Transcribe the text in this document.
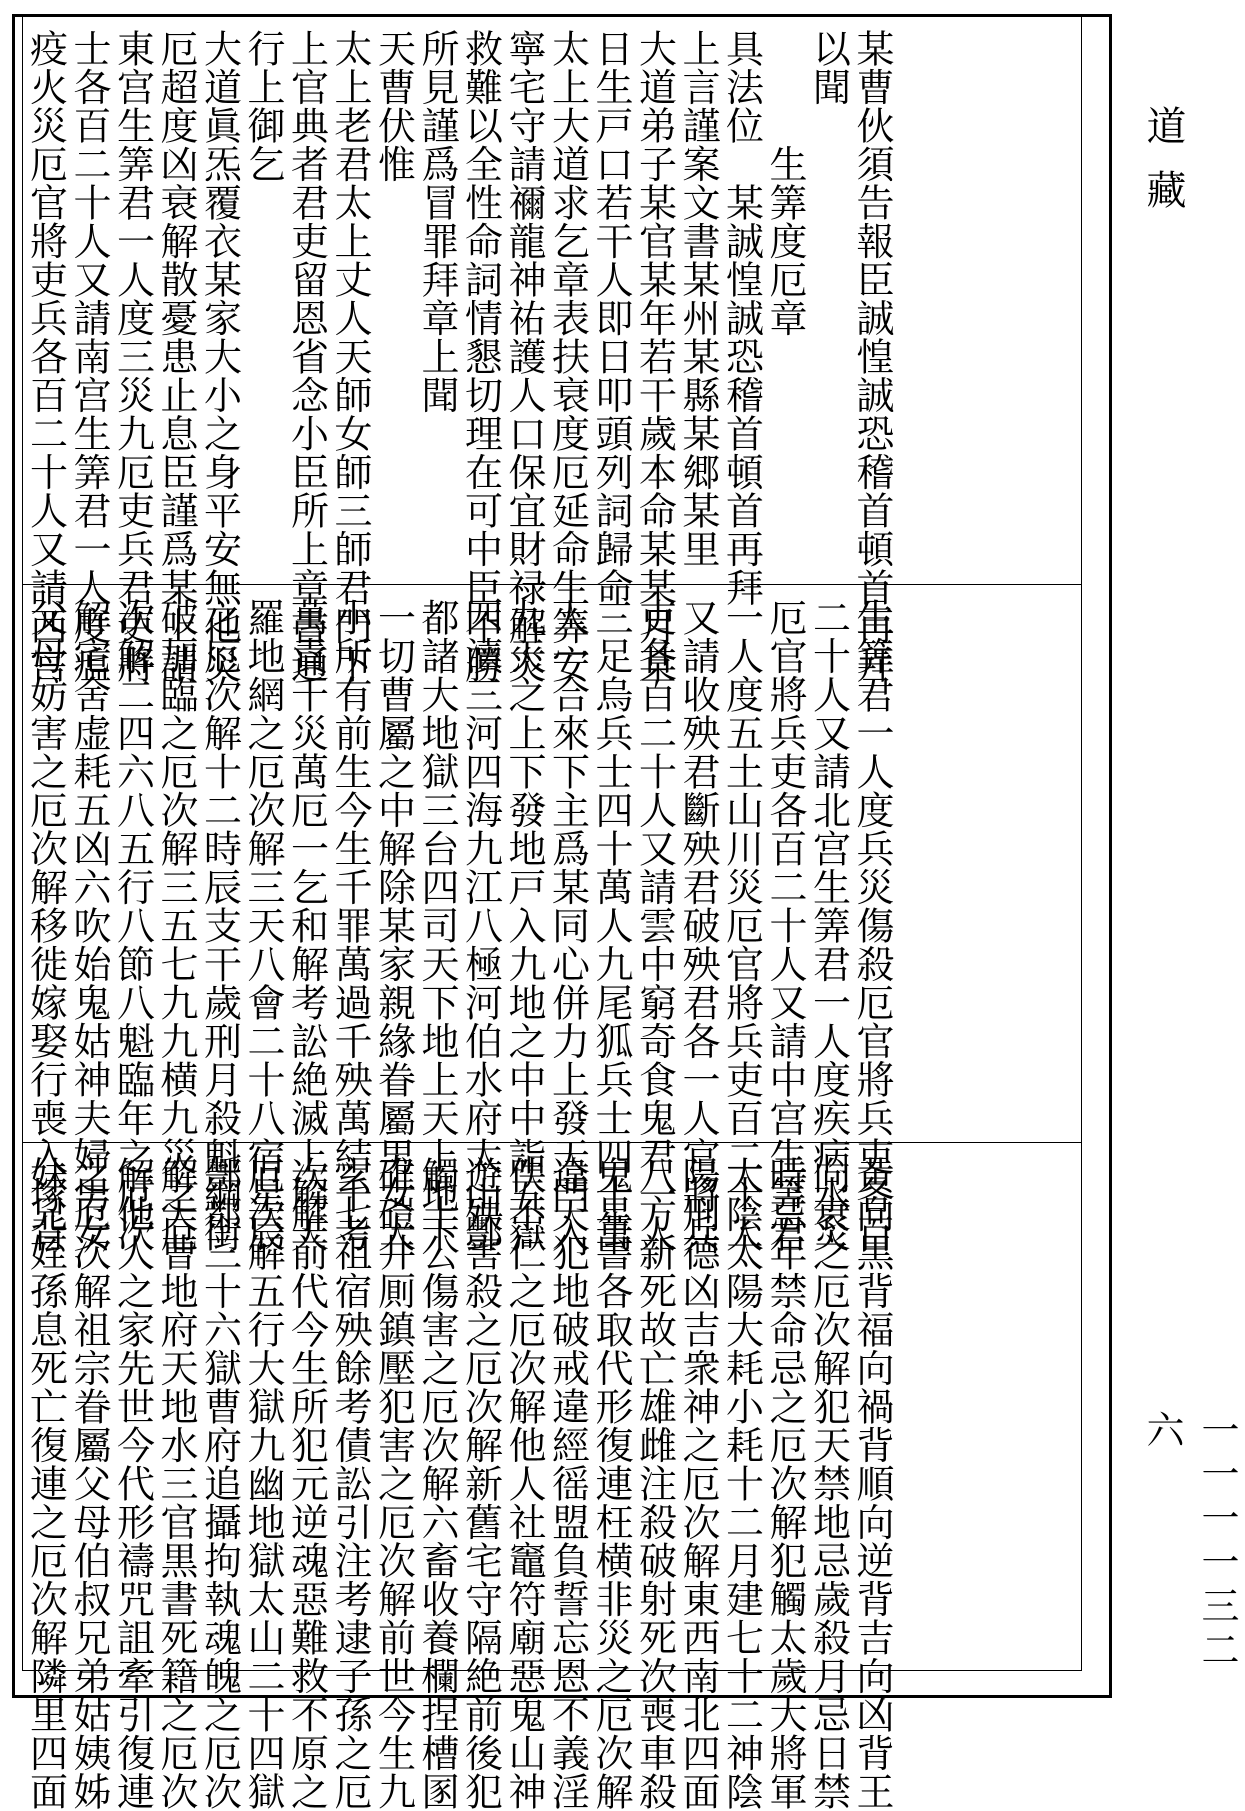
某曹伙須告報臣誠惶誠恐稽首頓首再拜
以聞
　　　生筭度厄章
具法位　某誠惶誠恐稽首頓首再拜
上言謹案文書某州某縣某郷某里
大道弟子某官某年若干歲本命某某月某
日生戸口若干人即日叩頭列詞歸命
太上大道求乞章表扶衰度厄延命生筭安
寧宅守請禰龍神祐護人口保宜財禄解災
救難以全性命詞情懇切理在可中臣不勝
所見謹爲冒罪拜章上聞
天曹伏惟
太上老君太上丈人天師女師三師君門下
上官典者君吏留恩省念小臣所上章書通
行上御乞
大道眞炁覆衣某家大小之身平安無他災
厄超度凶衰解散憂患止息臣謹爲某上請
東宫生筭君一人度三災九厄吏兵君吏將
士各百二十人又請南宫生筭君一人度瘟
疫火災厄官將吏兵各百二十人又請西宫
生筭君一人度兵災傷殺厄官將兵吏各百
二十人又請北宫生筭君一人度疾病水災
厄官將兵吏各百二十人又請中宫生筭君
一人度五土山川災厄官將兵吏百二十人
又請收殃君斷殃君破殃君各一人官將兵
吏各百二十人又請雲中窮奇食鬼君一人
三足烏兵士四十萬人九尾狐兵士四十萬
人一合來下主爲某同心併力上發天門入
九天之上下發地戸入九地之中中詣五嶽
四瀆三河四海九江八極河伯水府太山酆
都諸大地獄三台四司天下地上天上地下
一切曹屬之中解除某家親緣眷屬男女大
小所有前生今生千罪萬過千殃萬結千考
萬責千災萬厄一乞和解考訟絶滅上解天
羅地網之厄次解三天八會二十八宿星辰
之厄次解十二時辰支干歲刑月殺魁綱銜
破加臨之厄次解三五七九九横九災之厄
次解二四六八五行八節八魁臨年之厄次
解宅舍虚耗五凶六吹始鬼姑神夫婦男女
父母妨害之厄次解移徙嫁娶行喪入塚背
黄向黒背福向禍背順向逆背吉向凶背王
向衰之厄次解犯天禁地忌歲殺月忌日禁
時忌年禁命忌之厄次解犯觸太歲大將軍
太陰太陽大耗小耗十二月建七十二神陰
陽刑德凶吉衆神之厄次解東西南北四面
八方新死故亡雄雌注殺破射死次喪車殺
鬼星書各取代形復連枉横非災之厄次解
違天犯地破戒違經徭盟負誓忘恩不義淫
佚不仁之厄次解他人社竈符廟惡鬼山神
遊殃害殺之厄次解新舊宅守隔絶前後犯
觸土公傷害之厄次解六畜收養欄捏槽圂
碓磑井厠鎮壓犯害之厄次解前世今生九
玄七祖宿殃餘考債訟引注考逮子孫之厄
次解前代今生所犯元逆魂惡難救不原之
厄次解五行大獄九幽地獄太山二十四獄
酆都三十六獄曹府追攝拘執魂魄之厄次
解天曹地府天地水三官黒書死籍之厄次
解他人之家先世今代形禱咒詛牽引復連
之厄次解祖宗眷屬父母伯叔兄弟姑姨姊
妹兄姪孫息死亡復連之厄次解隣里四面
道藏
一一一一三二六
